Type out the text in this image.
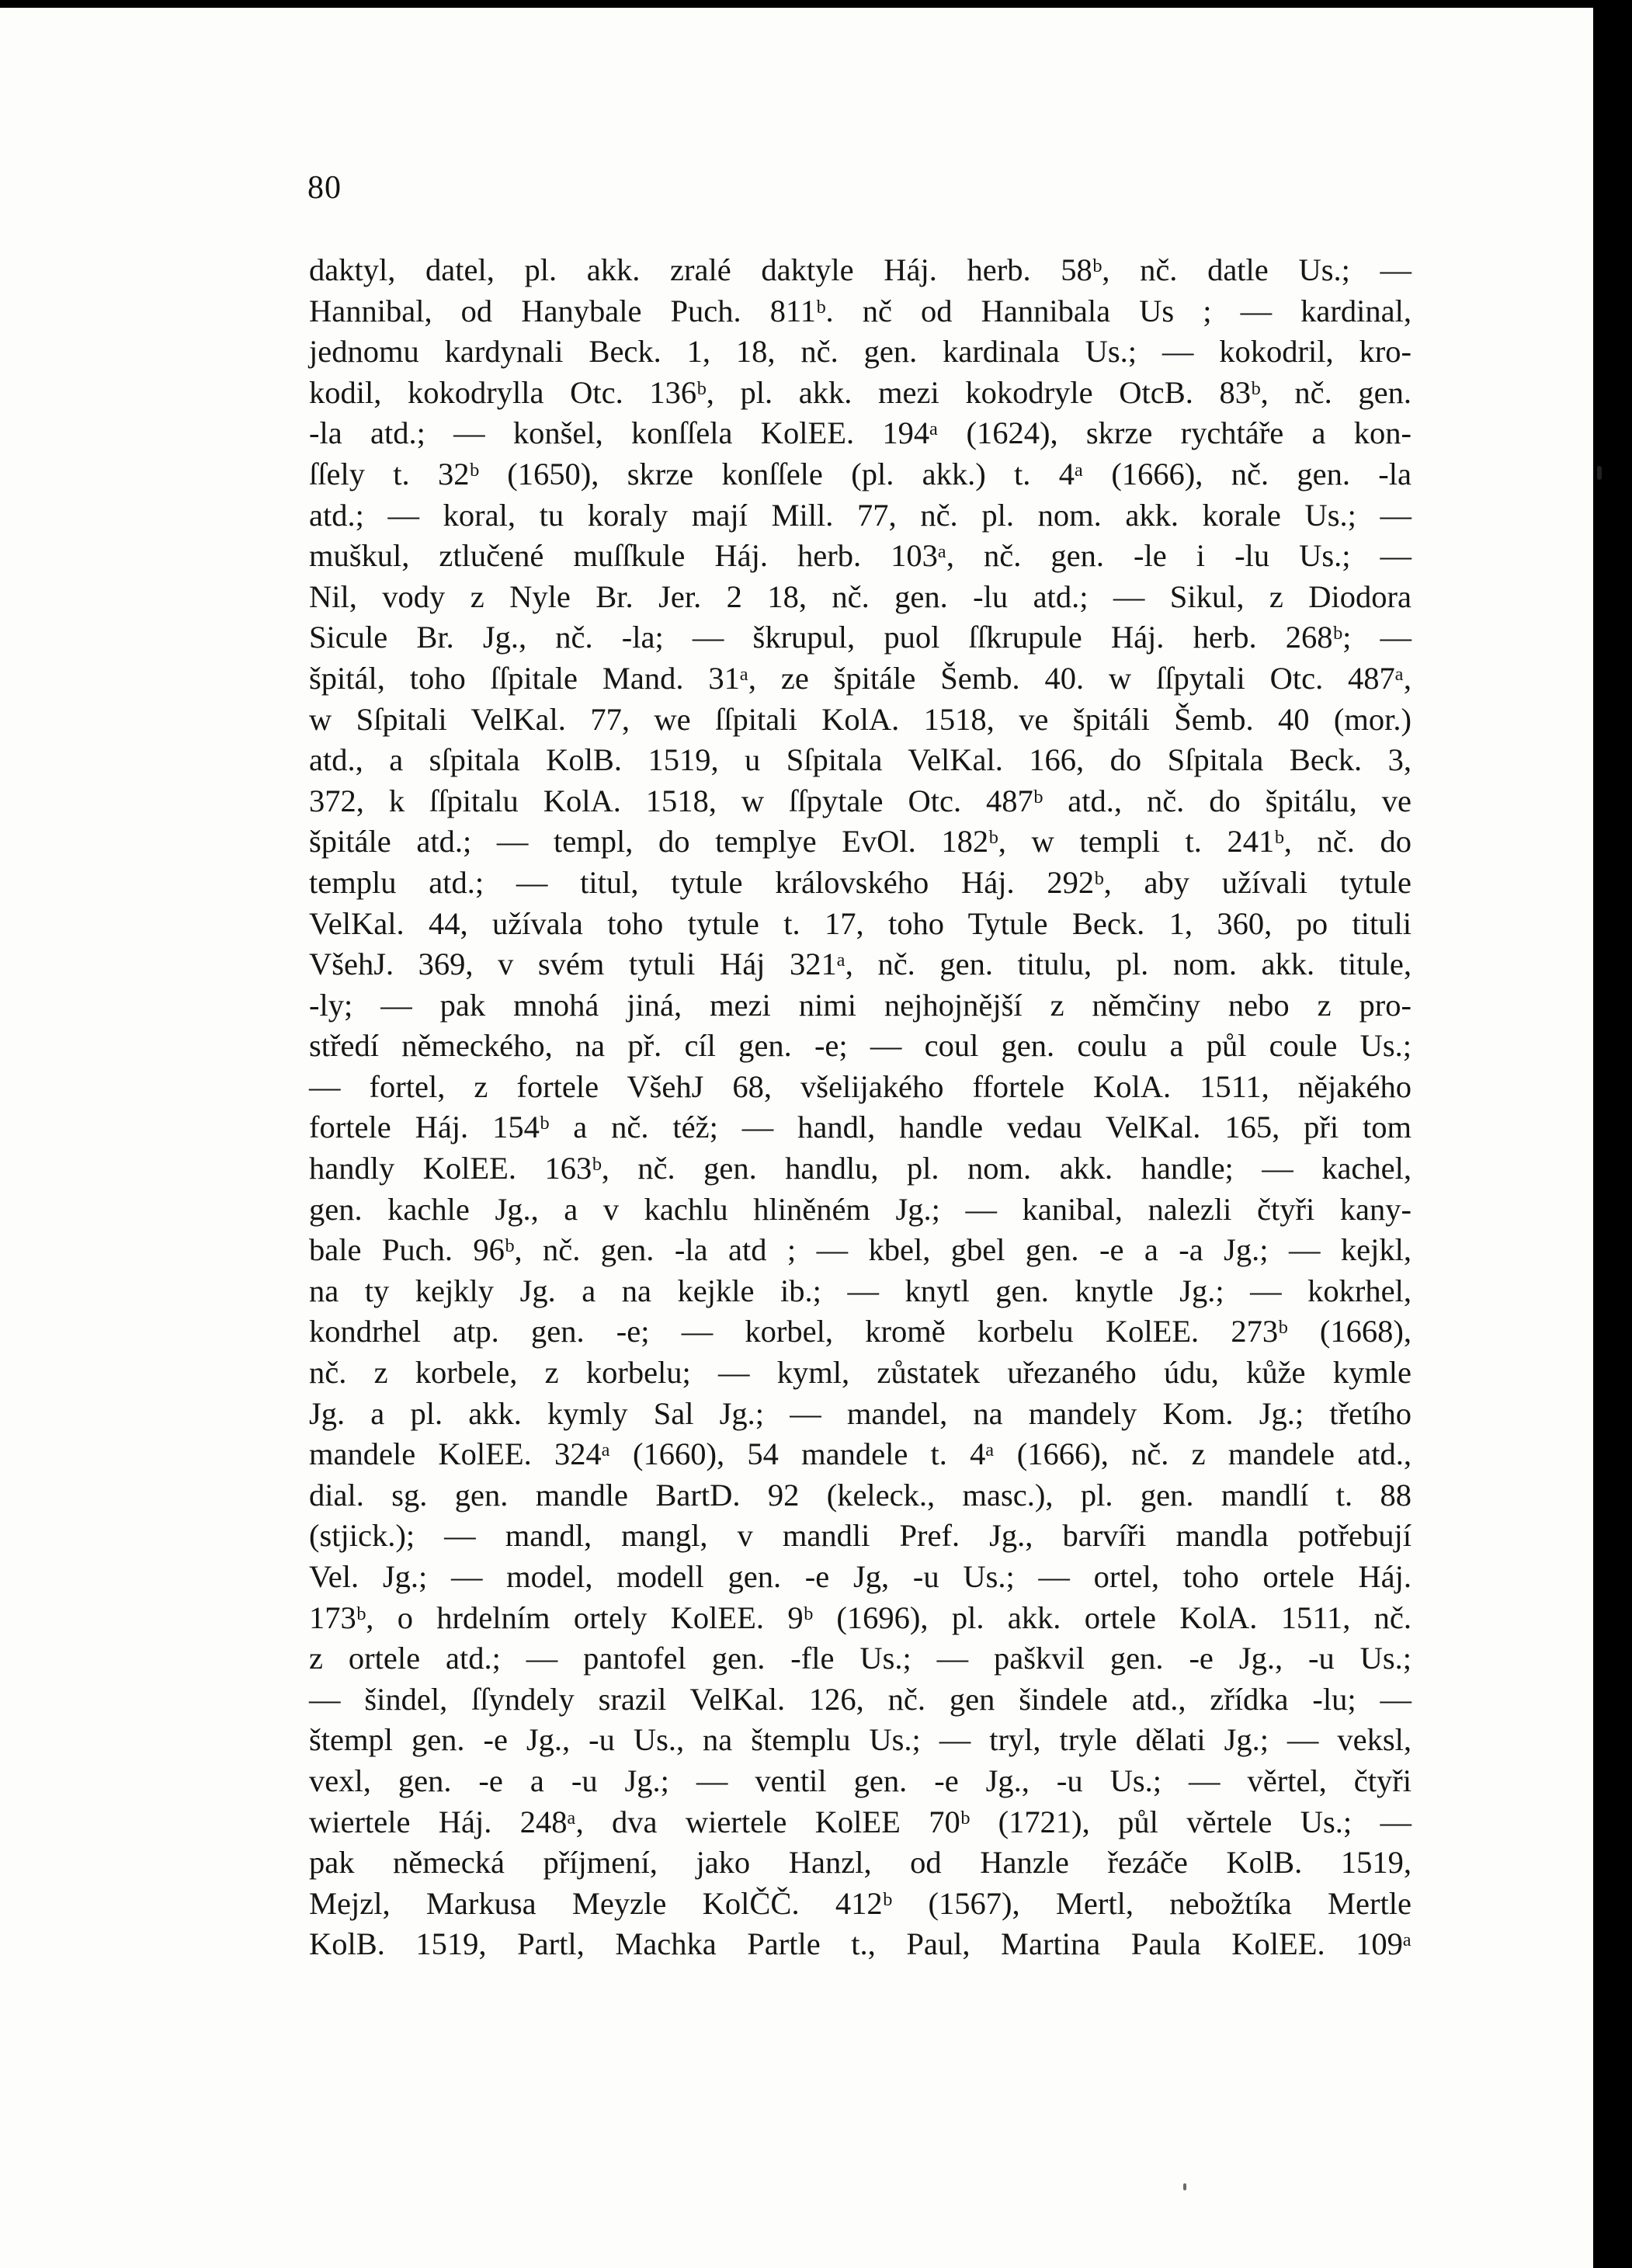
80
daktyl, datel, pl. akk. zralé daktyle Háj. herb. 58ᵇ, nč. datle Us.; —
Hannibal, od Hanybale Puch. 811ᵇ. nč od Hannibala Us ; — kardinal,
jednomu kardynali Beck. 1, 18, nč. gen. kardinala Us.; — kokodril, kro-
kodil, kokodrylla Otc. 136ᵇ, pl. akk. mezi kokodryle OtcB. 83ᵇ, nč. gen.
-la atd.; — konšel, konſſela KolEE. 194ᵃ (1624), skrze rychtáře a kon-
ſſely t. 32ᵇ (1650), skrze konſſele (pl. akk.) t. 4ᵃ (1666), nč. gen. -la
atd.; — koral, tu koraly mají Mill. 77, nč. pl. nom. akk. korale Us.; —
muškul, ztlučené muſſkule Háj. herb. 103ᵃ, nč. gen. -le i -lu Us.; —
Nil, vody z Nyle Br. Jer. 2 18, nč. gen. -lu atd.; — Sikul, z Diodora
Sicule Br. Jg., nč. -la; — škrupul, puol ſſkrupule Háj. herb. 268ᵇ; —
špitál, toho ſſpitale Mand. 31ᵃ, ze špitále Šemb. 40. w ſſpytali Otc. 487ᵃ,
w Sſpitali VelKal. 77, we ſſpitali KolA. 1518, ve špitáli Šemb. 40 (mor.)
atd., a sſpitala KolB. 1519, u Sſpitala VelKal. 166, do Sſpitala Beck. 3,
372, k ſſpitalu KolA. 1518, w ſſpytale Otc. 487ᵇ atd., nč. do špitálu, ve
špitále atd.; — templ, do templye EvOl. 182ᵇ, w templi t. 241ᵇ, nč. do
templu atd.; — titul, tytule královského Háj. 292ᵇ, aby užívali tytule
VelKal. 44, užívala toho tytule t. 17, toho Tytule Beck. 1, 360, po tituli
VšehJ. 369, v svém tytuli Háj 321ᵃ, nč. gen. titulu, pl. nom. akk. titule,
-ly; — pak mnohá jiná, mezi nimi nejhojnější z němčiny nebo z pro-
středí německého, na př. cíl gen. -e; — coul gen. coulu a půl coule Us.;
— fortel, z fortele VšehJ 68, všelijakého ffortele KolA. 1511, nějakého
fortele Háj. 154ᵇ a nč. též; — handl, handle vedau VelKal. 165, při tom
handly KolEE. 163ᵇ, nč. gen. handlu, pl. nom. akk. handle; — kachel,
gen. kachle Jg., a v kachlu hliněném Jg.; — kanibal, nalezli čtyři kany-
bale Puch. 96ᵇ, nč. gen. -la atd ; — kbel, gbel gen. -e a -a Jg.; — kejkl,
na ty kejkly Jg. a na kejkle ib.; — knytl gen. knytle Jg.; — kokrhel,
kondrhel atp. gen. -e; — korbel, kromě korbelu KolEE. 273ᵇ (1668),
nč. z korbele, z korbelu; — kyml, zůstatek uřezaného údu, kůže kymle
Jg. a pl. akk. kymly Sal Jg.; — mandel, na mandely Kom. Jg.; třetího
mandele KolEE. 324ᵃ (1660), 54 mandele t. 4ᵃ (1666), nč. z mandele atd.,
dial. sg. gen. mandle BartD. 92 (keleck., masc.), pl. gen. mandlí t. 88
(stjick.); — mandl, mangl, v mandli Pref. Jg., barvíři mandla potřebují
Vel. Jg.; — model, modell gen. -e Jg, -u Us.; — ortel, toho ortele Háj.
173ᵇ, o hrdelním ortely KolEE. 9ᵇ (1696), pl. akk. ortele KolA. 1511, nč.
z ortele atd.; — pantofel gen. -fle Us.; — paškvil gen. -e Jg., -u Us.;
— šindel, ſſyndely srazil VelKal. 126, nč. gen šindele atd., zřídka -lu; —
štempl gen. -e Jg., -u Us., na štemplu Us.; — tryl, tryle dělati Jg.; — veksl,
vexl, gen. -e a -u Jg.; — ventil gen. -e Jg., -u Us.; — věrtel, čtyři
wiertele Háj. 248ᵃ, dva wiertele KolEE 70ᵇ (1721), půl věrtele Us.; —
pak německá příjmení, jako Hanzl, od Hanzle řezáče KolB. 1519,
Mejzl, Markusa Meyzle KolČČ. 412ᵇ (1567), Mertl, nebožtíka Mertle
KolB. 1519, Partl, Machka Partle t., Paul, Martina Paula KolEE. 109ᵃ
